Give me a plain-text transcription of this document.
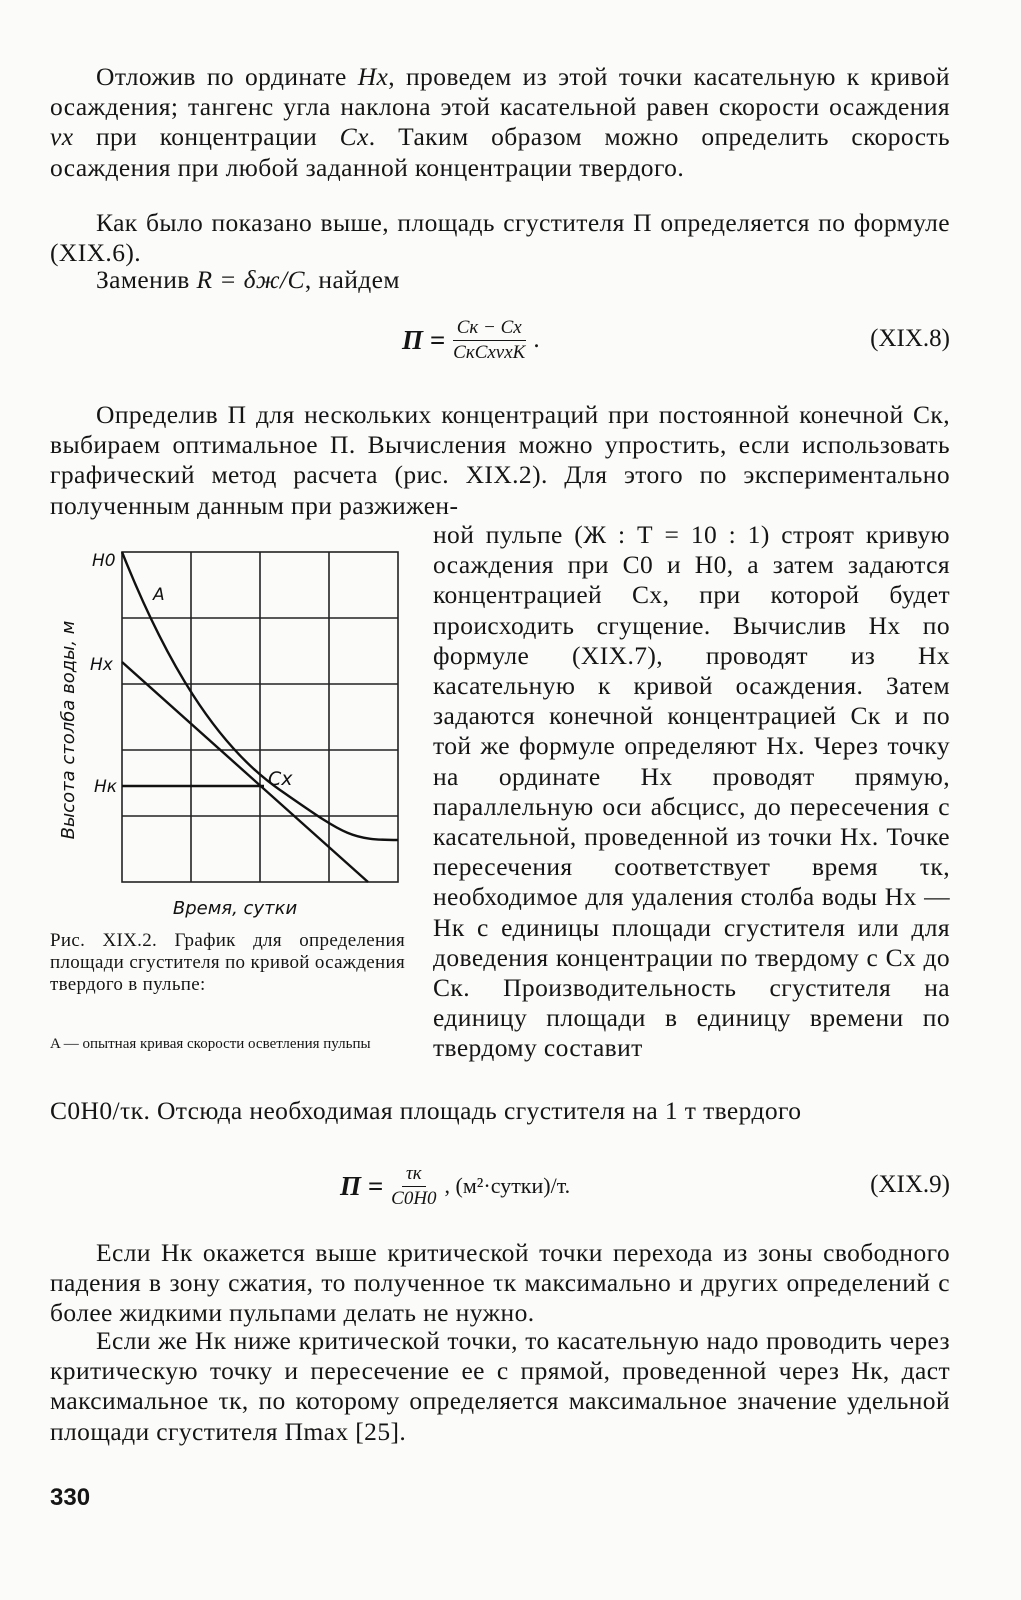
Отложив по ординате Hx, проведем из этой точки касательную к кривой осаждения; тангенс угла наклона этой касательной равен скорости осаждения vx при концентрации Cx. Таким образом можно определить скорость осаждения при любой заданной концентрации твердого.

Как было показано выше, площадь сгустителя П определяется по формуле (XIX.6).

Заменив R = δж/C, найдем

$П = \frac{Cк - Cx}{\text{CкCxvxK}}$ .	(XIX.8)

Определив П для нескольких концентраций при постоянной конечной Cк, выбираем оптимальное П. Вычисления можно упростить, если использовать графический метод расчета (рис. XIX.2). Для этого по экспериментально полученным данным при разжижен-

ной пульпе (Ж : Т = 10 : 1) строят кривую осаждения при C0 и H0, а затем задаются концентрацией Cx, при которой будет происходить сгущение. Вычислив Hx по формуле (XIX.7), проводят из Hx касательную к кривой осаждения. Затем задаются конечной концентрацией Cк и по той же формуле определяют Hx. Через точку на ординате Hx проводят прямую, параллельную оси абсцисс, до пересечения с касательной, проведенной из точки Hx. Точке пересечения соответствует время τк, необходимое для удаления столба воды Hx — Hк с единицы площади сгустителя или для доведения концентрации по твердому с Cx до Cк. Производительность сгустителя на единицу площади в единицу времени по твердому составит

H0
Hx
Hк
A
Cx
Высота столба воды, м
Время, сутки

Рис. XIX.2. График для определения площади сгустителя по кривой осаждения твердого в пульпе:

A — опытная кривая скорости осветления пульпы

C0H0/τк. Отсюда необходимая площадь сгустителя на 1 т твердого

$П = \frac{\tau к}{C0H0}$ , (м²·сутки)/т.	(XIX.9)

Если Hк окажется выше критической точки перехода из зоны свободного падения в зону сжатия, то полученное τк максимально и других определений с более жидкими пульпами делать не нужно.

Если же Hк ниже критической точки, то касательную надо проводить через критическую точку и пересечение ее с прямой, проведенной через Hк, даст максимальное τк, по которому определяется максимальное значение удельной площади сгустителя Пmax [25].

330
